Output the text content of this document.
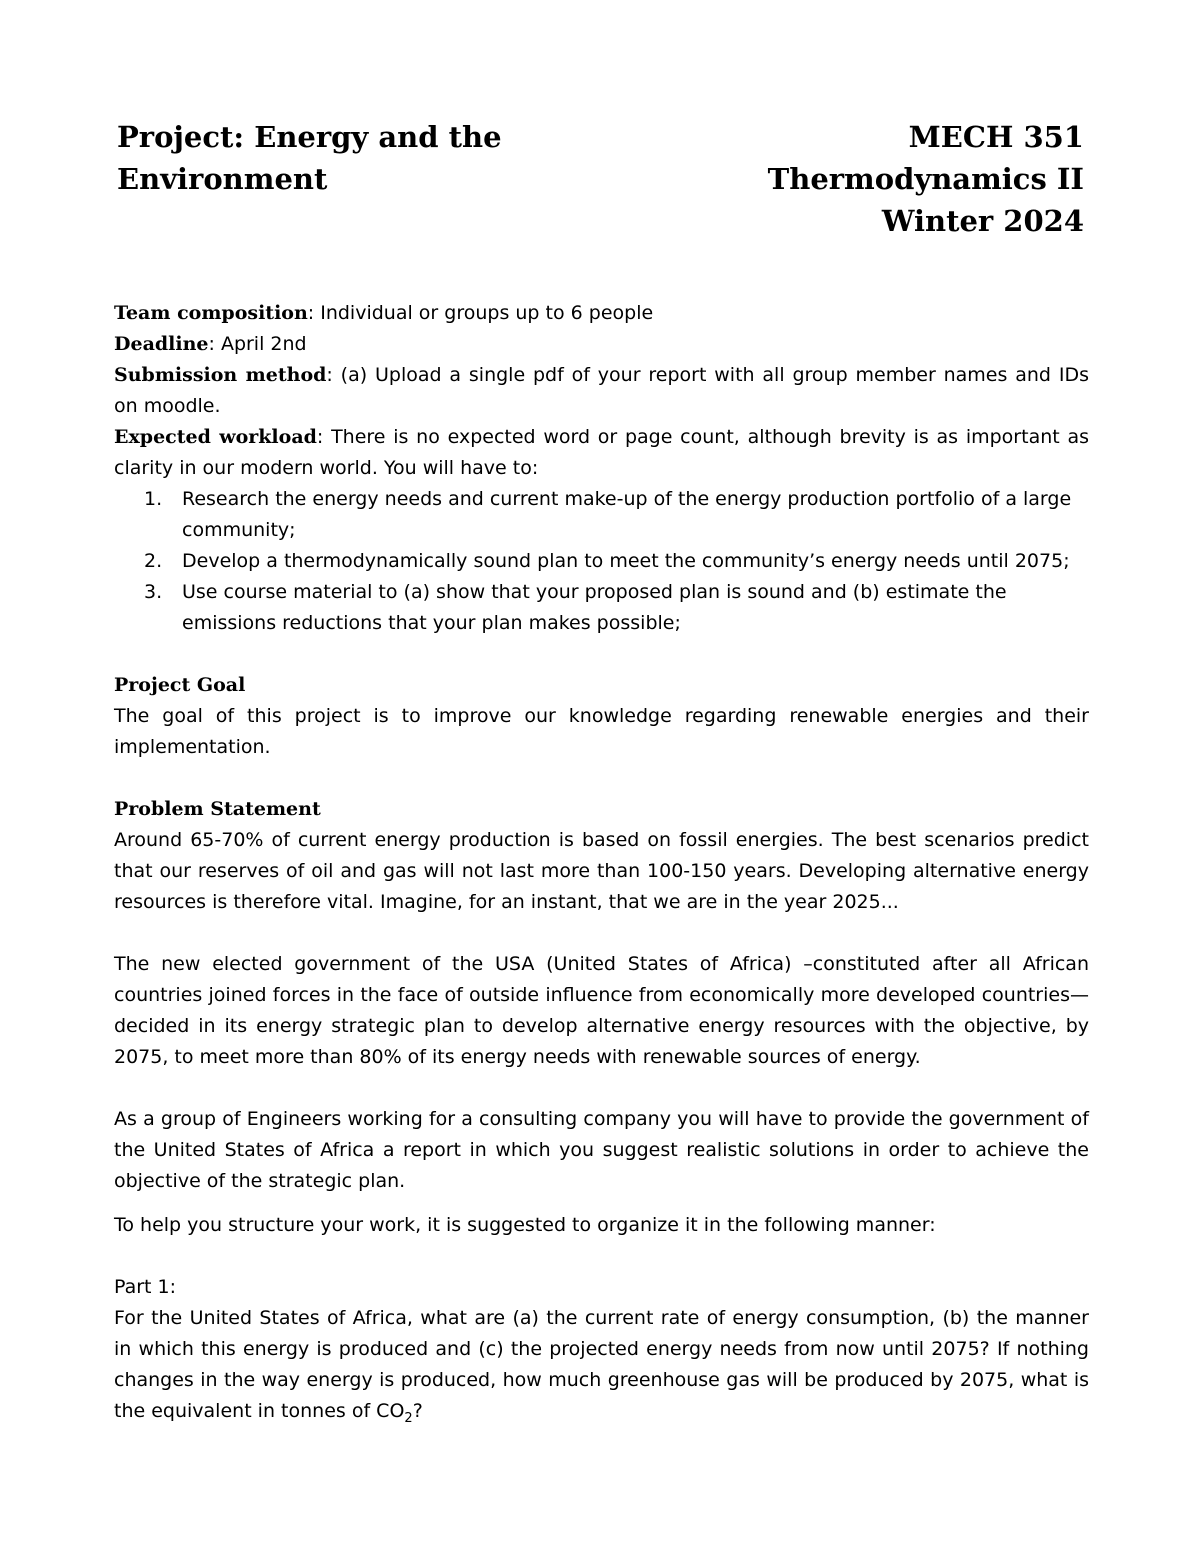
Project: Energy and the
Environment
MECH 351
Thermodynamics II
Winter 2024
Team composition: Individual or groups up to 6 people
Deadline: April 2nd
Submission method: (a) Upload a single pdf of your report with all group member names and IDs on moodle.
Expected workload: There is no expected word or page count, although brevity is as important as clarity in our modern world. You will have to:
1. Research the energy needs and current make-up of the energy production portfolio of a large community;
2. Develop a thermodynamically sound plan to meet the community’s energy needs until 2075;
3. Use course material to (a) show that your proposed plan is sound and (b) estimate the emissions reductions that your plan makes possible;
Project Goal
The goal of this project is to improve our knowledge regarding renewable energies and their implementation.
Problem Statement
Around 65-70% of current energy production is based on fossil energies. The best scenarios predict that our reserves of oil and gas will not last more than 100-150 years. Developing alternative energy resources is therefore vital. Imagine, for an instant, that we are in the year 2025...
The new elected government of the USA (United States of Africa) –constituted after all African countries joined forces in the face of outside influence from economically more developed countries— decided in its energy strategic plan to develop alternative energy resources with the objective, by 2075, to meet more than 80% of its energy needs with renewable sources of energy.
As a group of Engineers working for a consulting company you will have to provide the government of the United States of Africa a report in which you suggest realistic solutions in order to achieve the objective of the strategic plan.
To help you structure your work, it is suggested to organize it in the following manner:
Part 1:
For the United States of Africa, what are (a) the current rate of energy consumption, (b) the manner in which this energy is produced and (c) the projected energy needs from now until 2075? If nothing changes in the way energy is produced, how much greenhouse gas will be produced by 2075, what is the equivalent in tonnes of $CO_2$?
